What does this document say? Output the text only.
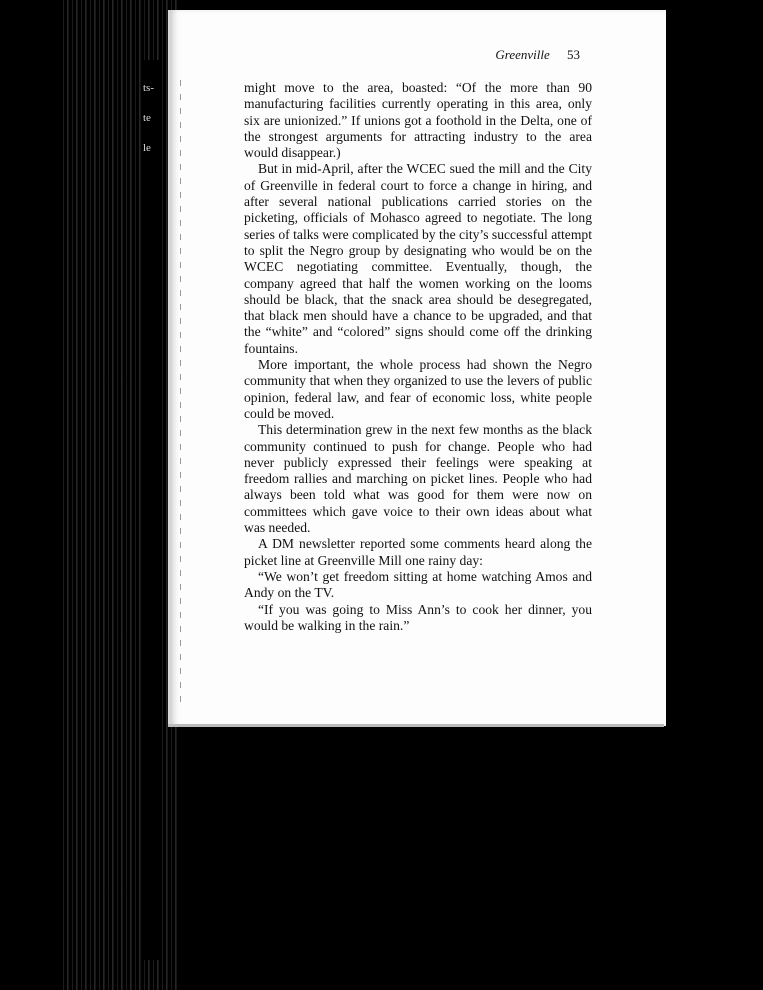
ts-
te
le
Greenville 53

might move to the area, boasted: “Of the more than 90 manufacturing facilities currently operating in this area, only six are unionized.” If unions got a foothold in the Delta, one of the strongest arguments for attracting industry to the area would disappear.)

But in mid-April, after the WCEC sued the mill and the City of Greenville in federal court to force a change in hiring, and after several national publications carried stories on the picketing, officials of Mohasco agreed to negotiate. The long series of talks were complicated by the city’s successful attempt to split the Negro group by designating who would be on the WCEC negotiating committee. Eventually, though, the company agreed that half the women working on the looms should be black, that the snack area should be desegregated, that black men should have a chance to be upgraded, and that the “white” and “colored” signs should come off the drinking fountains.

More important, the whole process had shown the Negro community that when they organized to use the levers of public opinion, federal law, and fear of economic loss, white people could be moved.

This determination grew in the next few months as the black community continued to push for change. People who had never publicly expressed their feelings were speaking at freedom rallies and marching on picket lines. People who had always been told what was good for them were now on committees which gave voice to their own ideas about what was needed.

A DM newsletter reported some comments heard along the picket line at Greenville Mill one rainy day:

“We won’t get freedom sitting at home watching Amos and Andy on the TV.

“If you was going to Miss Ann’s to cook her dinner, you would be walking in the rain.”
